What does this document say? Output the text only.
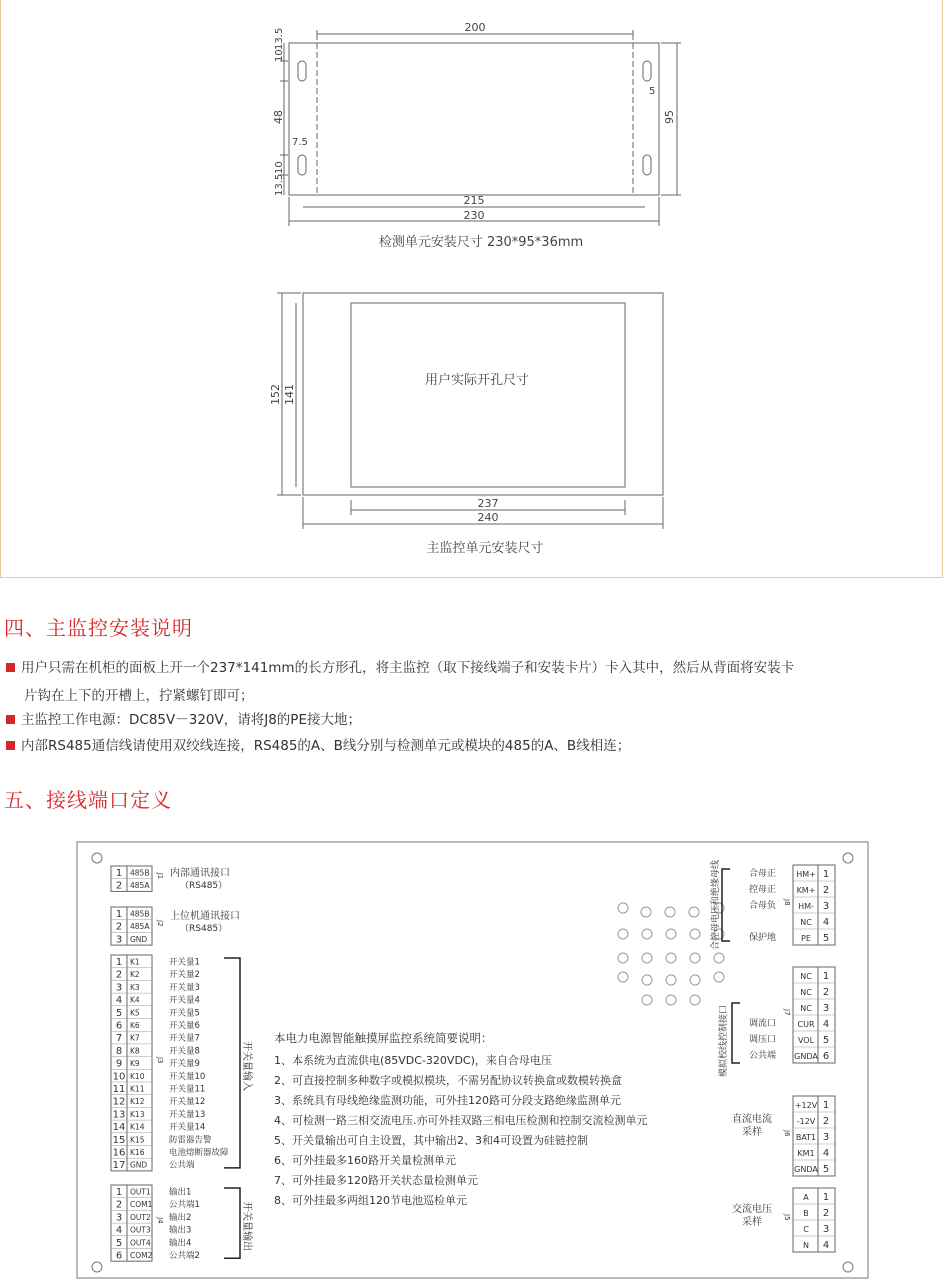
200
10
13.5
48
7.5
13.5
10
5
95
215
230
检测单元安装尺寸 230*95*36mm
用户实际开孔尺寸
152 141
237
240
主监控单元安装尺寸
四、主监控安装说明
用户只需在机柜的面板上开一个237*141mm的长方形孔，将主监控（取下接线端子和安装卡片）卡入其中，然后从背面将安装卡
片钩在上下的开槽上，拧紧螺钉即可；
主监控工作电源：DC85V－320V，请将J8的PE接大地；
内部RS485通信线请使用双绞线连接，RS485的A、B线分别与检测单元或模块的485的A、B线相连；
五、接线端口定义
1 485B
2 485A
J1 内部通讯接口
（RS485）
1 485B
2 485A
3 GND
J2
上位机通讯接口
（RS485）
1 K1	开关量1
2 K2	开关量2
3 K3	开关量3
4 K4	开关量4
5 K5	开关量5
6 K6	开关量6
7 K7	开关量7
8 K8	开关量8
9 K9	开关量9
10 K10	开关量10
11 K11	开关量11
12 K12	开关量12
13 K13	开关量13
14 K14	开关量14
15 K15	防雷器告警
16 K16	电池熔断器故障
17 GND	公共端
J3	开关量输入
1 OUT1 输出1
2 COM1 公共端1
3 OUT2 输出2
4 OUT3 输出3
5 OUT4 输出4
6 COM2 公共端2
J4	开关量输出
HM+ 1
合母正
KM+ 2
控母正
HM- 3
合母负
NC 4
PE 5
保护地
J8
合控母电压和绝缘母线
NC 1
NC 2
NC 3
CUR 4
调流口
VOL 5
调压口
GNDA 6
公共端
J7
模拟校线控制接口
+12V 1
-12V 2
BAT1 3
KM1 4
GNDA 5
J6
直流电流
采样
A 1
B 2
C 3
N 4
J5
交流电压
采样
本电力电源智能触摸屏监控系统简要说明：
1、本系统为直流供电(85VDC-320VDC)，来自合母电压
2、可直接控制多种数字或模拟模块，不需另配协议转换盒或数模转换盒
3、系统具有母线绝缘监测功能，可外挂120路可分段支路绝缘监测单元
4、可检测一路三相交流电压.亦可外挂双路三相电压检测和控制交流检测单元
5、开关量输出可自主设置，其中输出2、3和4可设置为硅链控制
6、可外挂最多160路开关量检测单元
7、可外挂最多120路开关状态量检测单元
8、可外挂最多两组120节电池巡检单元
